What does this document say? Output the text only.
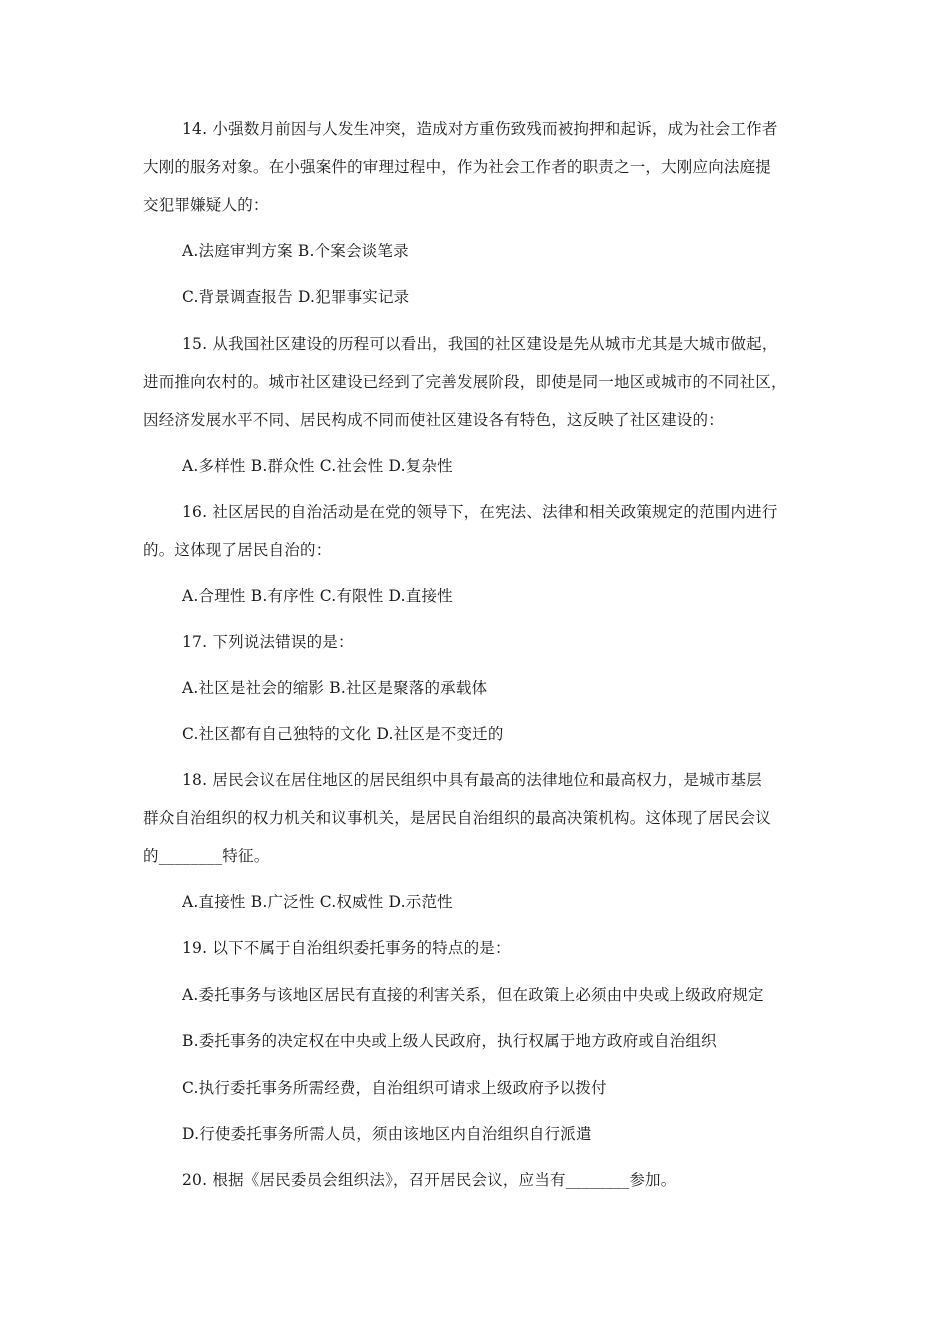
14. 小强数月前因与人发生冲突，造成对方重伤致残而被拘押和起诉，成为社会工作者
大刚的服务对象。在小强案件的审理过程中，作为社会工作者的职责之一，大刚应向法庭提
交犯罪嫌疑人的：
A.法庭审判方案 B.个案会谈笔录
C.背景调查报告 D.犯罪事实记录
15. 从我国社区建设的历程可以看出，我国的社区建设是先从城市尤其是大城市做起，
进而推向农村的。城市社区建设已经到了完善发展阶段，即使是同一地区或城市的不同社区，
因经济发展水平不同、居民构成不同而使社区建设各有特色，这反映了社区建设的：
A.多样性 B.群众性 C.社会性 D.复杂性
16. 社区居民的自治活动是在党的领导下，在宪法、法律和相关政策规定的范围内进行
的。这体现了居民自治的：
A.合理性 B.有序性 C.有限性 D.直接性
17. 下列说法错误的是：
A.社区是社会的缩影 B.社区是聚落的承载体
C.社区都有自己独特的文化 D.社区是不变迁的
18. 居民会议在居住地区的居民组织中具有最高的法律地位和最高权力，是城市基层
群众自治组织的权力机关和议事机关，是居民自治组织的最高决策机构。这体现了居民会议
的________特征。
A.直接性 B.广泛性 C.权威性 D.示范性
19. 以下不属于自治组织委托事务的特点的是：
A.委托事务与该地区居民有直接的利害关系，但在政策上必须由中央或上级政府规定
B.委托事务的决定权在中央或上级人民政府，执行权属于地方政府或自治组织
C.执行委托事务所需经费，自治组织可请求上级政府予以拨付
D.行使委托事务所需人员，须由该地区内自治组织自行派遣
20. 根据《居民委员会组织法》，召开居民会议，应当有________参加。
